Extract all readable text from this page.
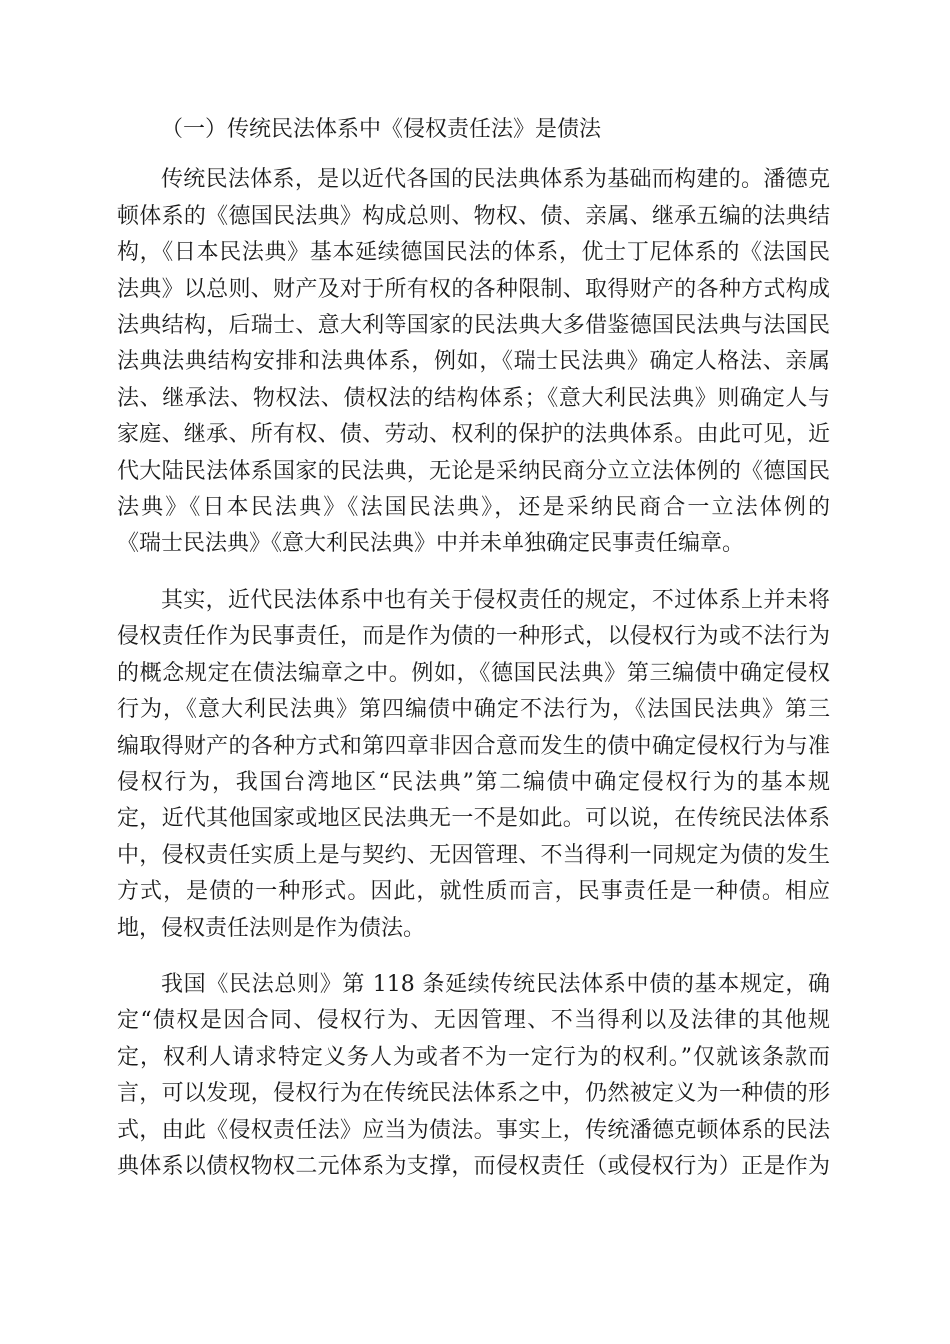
（一）传统民法体系中《侵权责任法》是债法
传统民法体系，是以近代各国的民法典体系为基础而构建的。潘德克
顿体系的《德国民法典》构成总则、物权、债、亲属、继承五编的法典结
构，《日本民法典》基本延续德国民法的体系，优士丁尼体系的《法国民
法典》以总则、财产及对于所有权的各种限制、取得财产的各种方式构成
法典结构，后瑞士、意大利等国家的民法典大多借鉴德国民法典与法国民
法典法典结构安排和法典体系，例如，《瑞士民法典》确定人格法、亲属
法、继承法、物权法、债权法的结构体系；《意大利民法典》则确定人与
家庭、继承、所有权、债、劳动、权利的保护的法典体系。由此可见，近
代大陆民法体系国家的民法典，无论是采纳民商分立立法体例的《德国民
法典》《日本民法典》《法国民法典》，还是采纳民商合一立法体例的
《瑞士民法典》《意大利民法典》中并未单独确定民事责任编章。
其实，近代民法体系中也有关于侵权责任的规定，不过体系上并未将
侵权责任作为民事责任，而是作为债的一种形式，以侵权行为或不法行为
的概念规定在债法编章之中。例如，《德国民法典》第三编债中确定侵权
行为，《意大利民法典》第四编债中确定不法行为，《法国民法典》第三
编取得财产的各种方式和第四章非因合意而发生的债中确定侵权行为与准
侵权行为，我国台湾地区“民法典”第二编债中确定侵权行为的基本规
定，近代其他国家或地区民法典无一不是如此。可以说，在传统民法体系
中，侵权责任实质上是与契约、无因管理、不当得利一同规定为债的发生
方式，是债的一种形式。因此，就性质而言，民事责任是一种债。相应
地，侵权责任法则是作为债法。
我国《民法总则》第 118 条延续传统民法体系中债的基本规定，确
定“债权是因合同、侵权行为、无因管理、不当得利以及法律的其他规
定，权利人请求特定义务人为或者不为一定行为的权利。”仅就该条款而
言，可以发现，侵权行为在传统民法体系之中，仍然被定义为一种债的形
式，由此《侵权责任法》应当为债法。事实上，传统潘德克顿体系的民法
典体系以债权物权二元体系为支撑，而侵权责任（或侵权行为）正是作为
